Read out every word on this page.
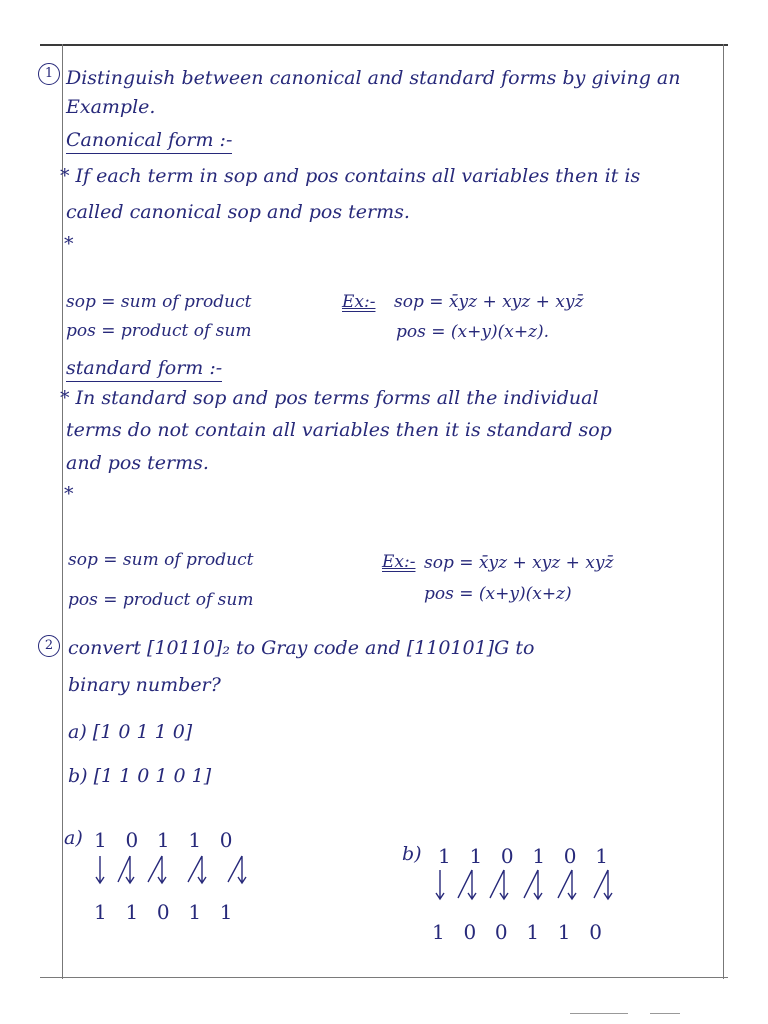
1 Distinguish between canonical and standard forms by giving an
Example.
Canonical form :-
* If each term in sop and pos contains all variables then it is
called canonical sop and pos terms.
*
sop = sum of product
pos = product of sum
Ex:- sop = x̄yz + xyz + xyz̄
pos = (x+y)(x+z).
standard form :-
* In standard sop and pos terms forms all the individual
terms do not contain all variables then it is standard sop
and pos terms.
*
sop = sum of product
pos = product of sum
Ex:- sop = x̄yz + xyz + xyz̄
pos = (x+y)(x+z)
2 convert [10110]₂ to Gray code and [110101]G to
binary number?
a) [1 0 1 1 0]
b) [1 1 0 1 0 1]
a) 1  0  1  1  0
1  1  0  1  1
b) 1  1  0  1  0  1
1  0  0  1  1  0
